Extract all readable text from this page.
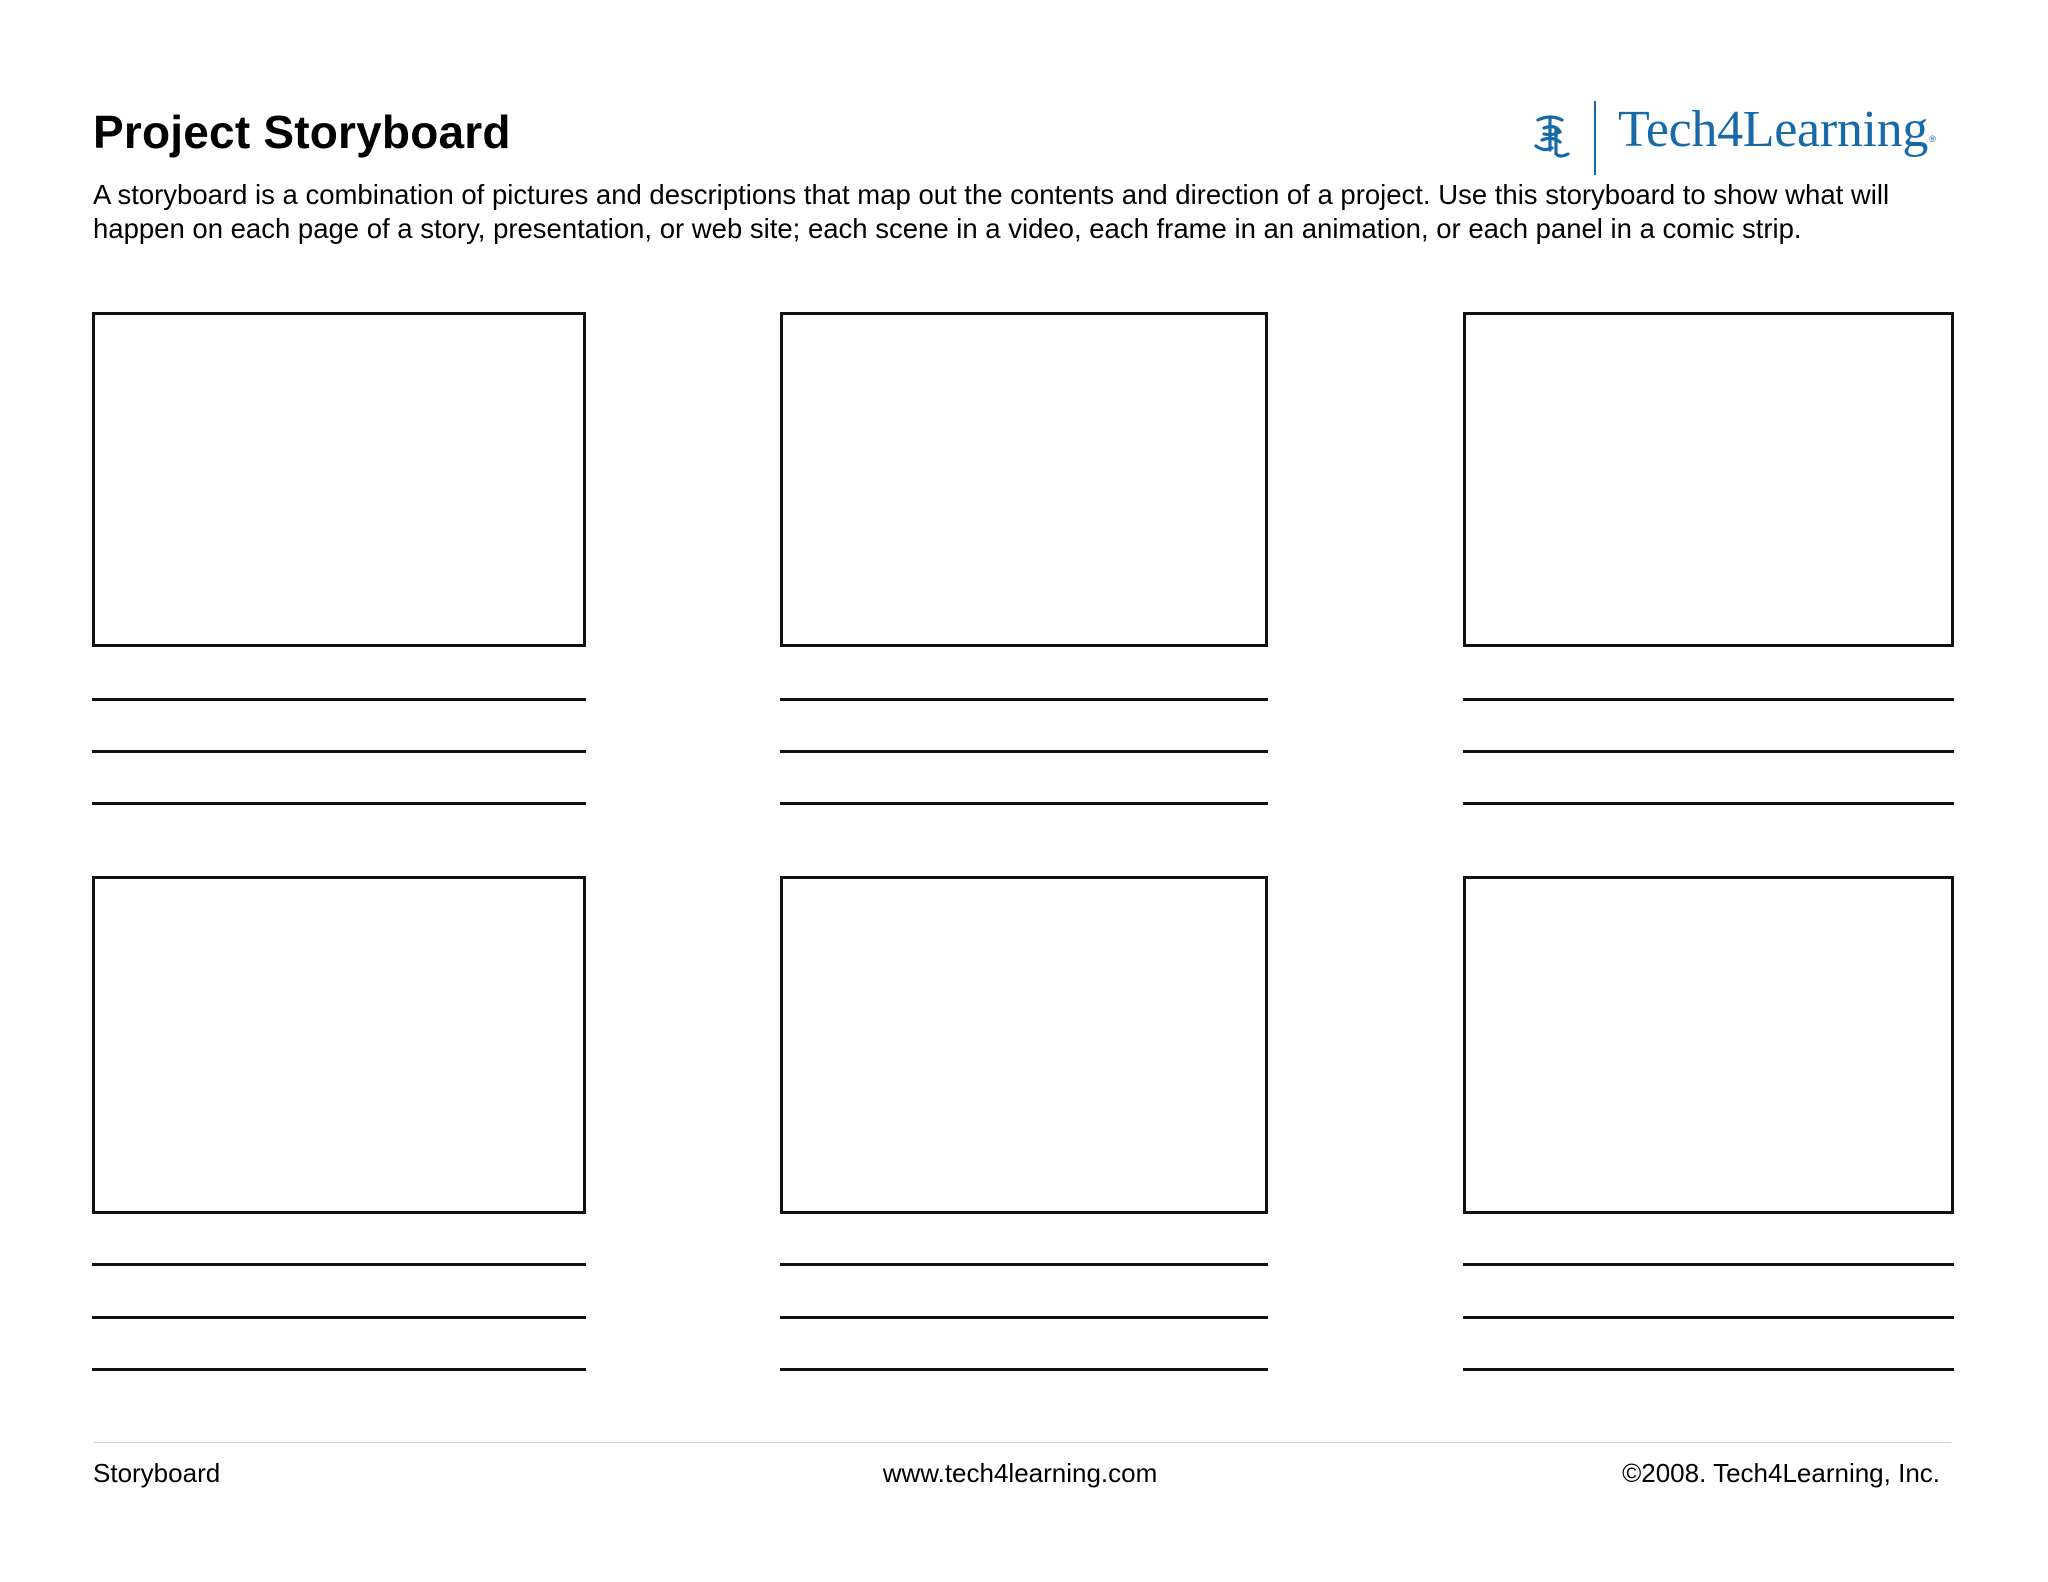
Project Storyboard	Tech4Learning®

A storyboard is a combination of pictures and descriptions that map out the contents and direction of a project. Use this storyboard to show what will happen on each page of a story, presentation, or web site; each scene in a video, each frame in an animation, or each panel in a comic strip.

Storyboard	www.tech4learning.com	©2008. Tech4Learning, Inc.
